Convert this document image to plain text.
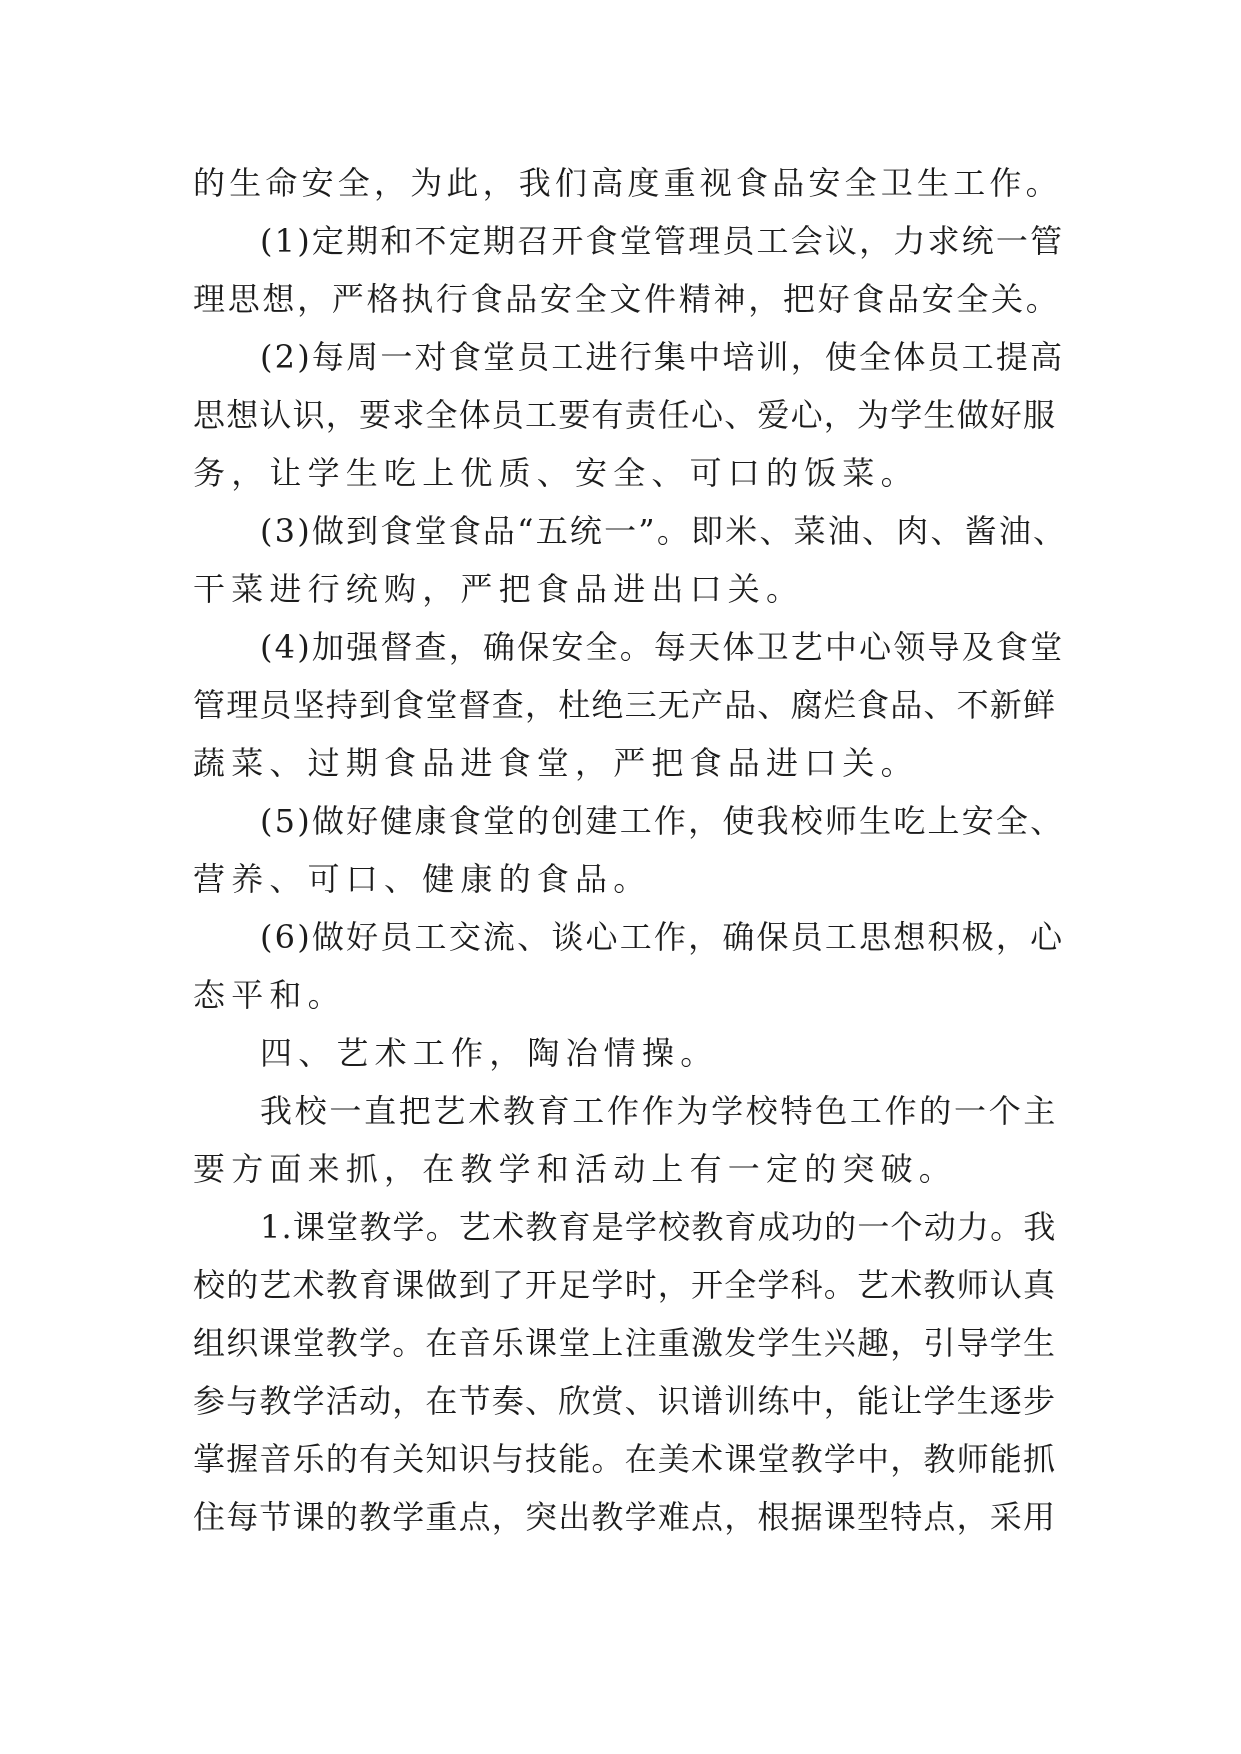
的生命安全，为此，我们高度重视食品安全卫生工作。
(1)定期和不定期召开食堂管理员工会议，力求统一管
理思想，严格执行食品安全文件精神，把好食品安全关。
(2)每周一对食堂员工进行集中培训，使全体员工提高
思想认识，要求全体员工要有责任心、爱心，为学生做好服
务，让学生吃上优质、安全、可口的饭菜。
(3)做到食堂食品“五统一”。即米、菜油、肉、酱油、
干菜进行统购，严把食品进出口关。
(4)加强督查，确保安全。每天体卫艺中心领导及食堂
管理员坚持到食堂督查，杜绝三无产品、腐烂食品、不新鲜
蔬菜、过期食品进食堂，严把食品进口关。
(5)做好健康食堂的创建工作，使我校师生吃上安全、
营养、可口、健康的食品。
(6)做好员工交流、谈心工作，确保员工思想积极，心
态平和。
四、艺术工作，陶冶情操。
我校一直把艺术教育工作作为学校特色工作的一个主
要方面来抓，在教学和活动上有一定的突破。
1.课堂教学。艺术教育是学校教育成功的一个动力。我
校的艺术教育课做到了开足学时，开全学科。艺术教师认真
组织课堂教学。在音乐课堂上注重激发学生兴趣，引导学生
参与教学活动，在节奏、欣赏、识谱训练中，能让学生逐步
掌握音乐的有关知识与技能。在美术课堂教学中，教师能抓
住每节课的教学重点，突出教学难点，根据课型特点，采用
